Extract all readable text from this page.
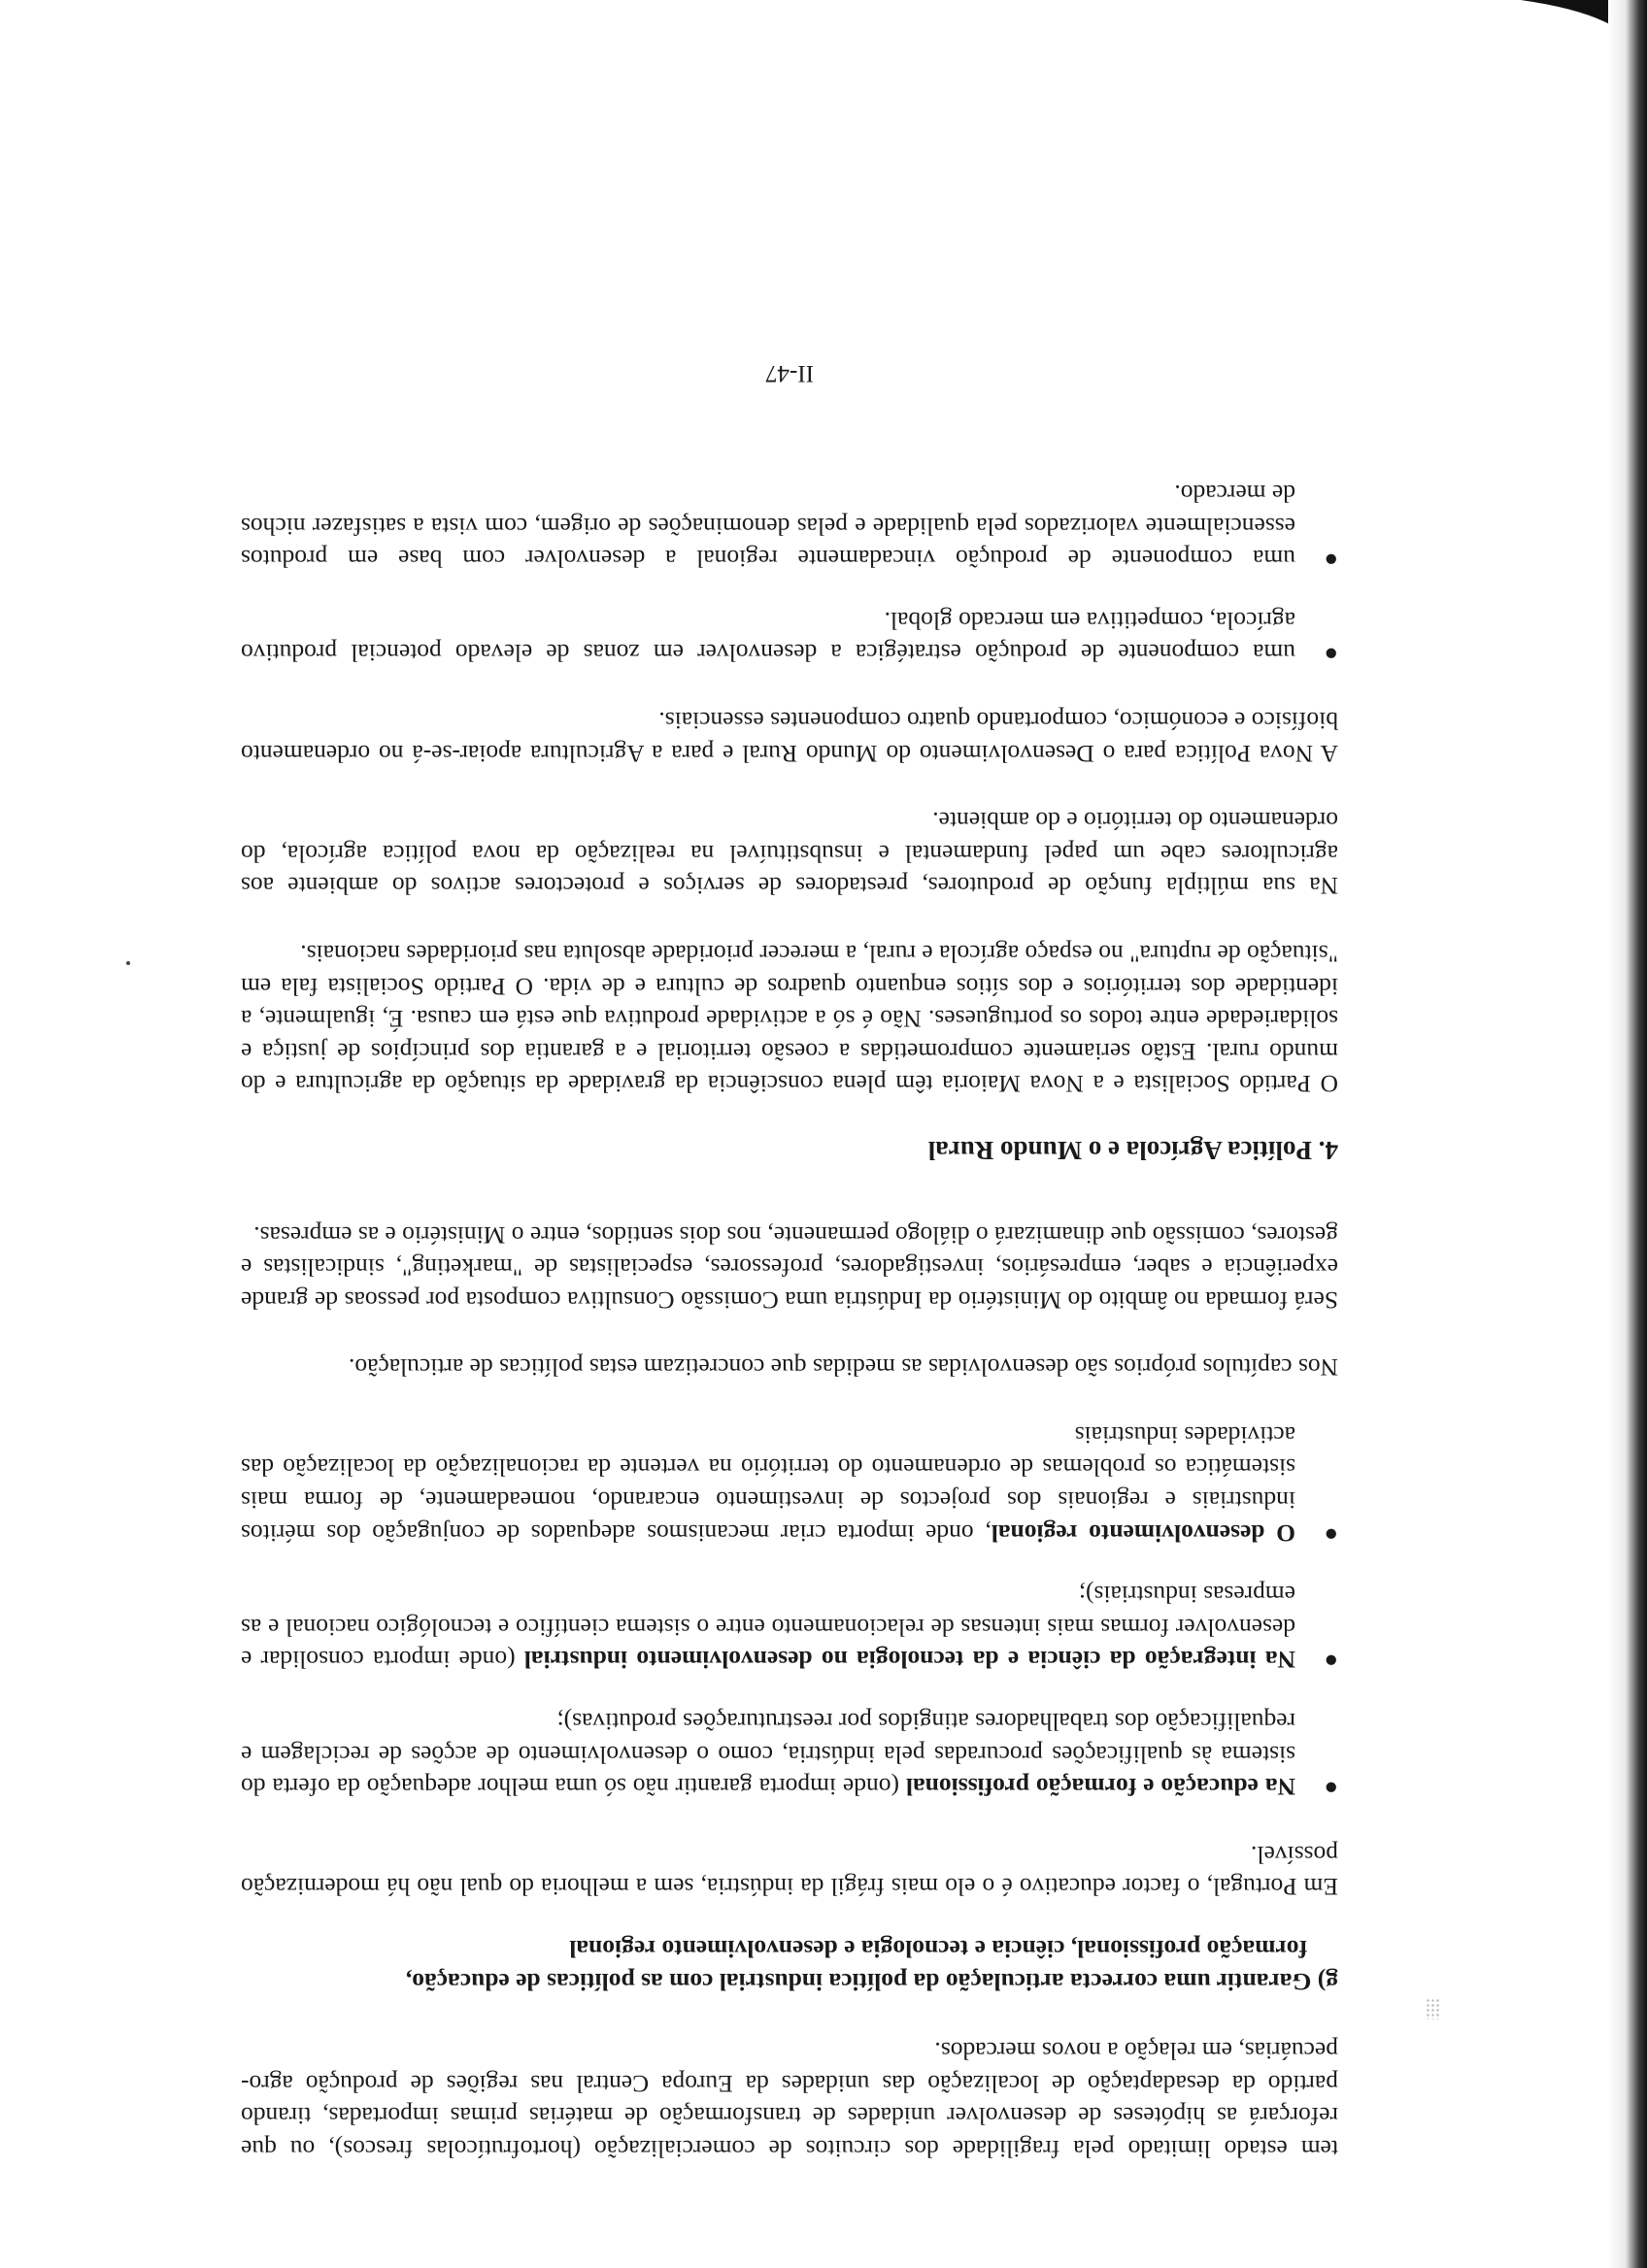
tem estado limitado pela fragilidade dos circuitos de comercialização (hortofrutícolas frescos), ou que reforçará as hipóteses de desenvolver unidades de transformação de matérias primas importadas, tirando partido da desadaptação de localização das unidades da Europa Central nas regiões de produção agro-pecuárias, em relação a novos mercados.

g) Garantir uma correcta articulação da política industrial com as políticas de educação,
formação profissional, ciência e tecnologia e desenvolvimento regional

Em Portugal, o factor educativo é o elo mais frágil da indústria, sem a melhoria do qual não há modernização possível.

●
Na educação e formação profissional (onde importa garantir não só uma melhor adequação da oferta do sistema às qualificações procuradas pela indústria, como o desenvolvimento de acções de reciclagem e requalificação dos trabalhadores atingidos por reestruturações produtivas);
●
Na integração da ciência e da tecnologia no desenvolvimento industrial (onde importa consolidar e desenvolver formas mais intensas de relacionamento entre o sistema científico e tecnológico nacional e as empresas industriais);
●
O desenvolvimento regional, onde importa criar mecanismos adequados de conjugação dos méritos industriais e regionais dos projectos de investimento encarando, nomeadamente, de forma mais sistemática os problemas de ordenamento do território na vertente da racionalização da localização das actividades industriais

Nos capítulos próprios são desenvolvidas as medidas que concretizam estas políticas de articulação.

Será formada no âmbito do Ministério da Indústria uma Comissão Consultiva composta por pessoas de grande experiência e saber, empresários, investigadores, professores, especialistas de "marketing", sindicalistas e gestores, comissão que dinamizará o diálogo permanente, nos dois sentidos, entre o Ministério e as empresas.

4. Política Agrícola e o Mundo Rural

O Partido Socialista e a Nova Maioria têm plena consciência da gravidade da situação da agricultura e do mundo rural. Estão seriamente comprometidas a coesão territorial e a garantia dos princípios de justiça e solidariedade entre todos os portugueses. Não é só a actividade produtiva que está em causa. É, igualmente, a identidade dos territórios e dos sítios enquanto quadros de cultura e de vida. O Partido Socialista fala em "situação de ruptura" no espaço agrícola e rural, a merecer prioridade absoluta nas prioridades nacionais.

Na sua múltipla função de produtores, prestadores de serviços e protectores activos do ambiente aos agricultores cabe um papel fundamental e insubstituível na realização da nova política agrícola, do ordenamento do território e do ambiente.

A Nova Política para o Desenvolvimento do Mundo Rural e para a Agricultura apoiar-se-á no ordenamento biofísico e económico, comportando quatro componentes essenciais.

●
uma componente de produção estratégica a desenvolver em zonas de elevado potencial produtivo agrícola, competitiva em mercado global.
●
uma componente de produção vincadamente regional a desenvolver com base em produtos essencialmente valorizados pela qualidade e pelas denominações de origem, com vista a satisfazer nichos de mercado.
II-47
